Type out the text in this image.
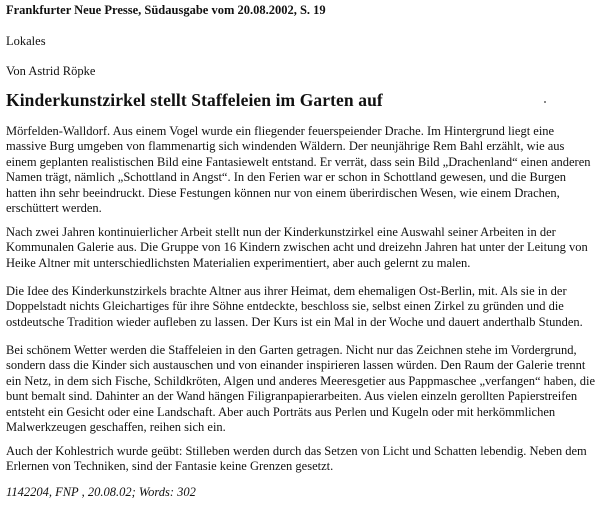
Frankfurter Neue Presse, Südausgabe vom 20.08.2002, S. 19
Lokales
Von Astrid Röpke
Kinderkunstzirkel stellt Staffeleien im Garten auf

Mörfelden-Walldorf. Aus einem Vogel wurde ein fliegender feuerspeiender Drache. Im Hintergrund liegt eine massive Burg umgeben von flammenartig sich windenden Wäldern. Der neunjährige Rem Bahl erzählt, wie aus einem geplanten realistischen Bild eine Fantasiewelt entstand. Er verrät, dass sein Bild „Drachenland“ einen anderen Namen trägt, nämlich „Schottland in Angst“. In den Ferien war er schon in Schottland gewesen, und die Burgen hatten ihn sehr beeindruckt. Diese Festungen können nur von einem überirdischen Wesen, wie einem Drachen, erschüttert werden.

Nach zwei Jahren kontinuierlicher Arbeit stellt nun der Kinderkunstzirkel eine Auswahl seiner Arbeiten in der Kommunalen Galerie aus. Die Gruppe von 16 Kindern zwischen acht und dreizehn Jahren hat unter der Leitung von Heike Altner mit unterschiedlichsten Materialien experimentiert, aber auch gelernt zu malen.

Die Idee des Kinderkunstzirkels brachte Altner aus ihrer Heimat, dem ehemaligen Ost-Berlin, mit. Als sie in der Doppelstadt nichts Gleichartiges für ihre Söhne entdeckte, beschloss sie, selbst einen Zirkel zu gründen und die ostdeutsche Tradition wieder aufleben zu lassen. Der Kurs ist ein Mal in der Woche und dauert anderthalb Stunden.

Bei schönem Wetter werden die Staffeleien in den Garten getragen. Nicht nur das Zeichnen stehe im Vordergrund, sondern dass die Kinder sich austauschen und von einander inspirieren lassen würden. Den Raum der Galerie trennt ein Netz, in dem sich Fische, Schildkröten, Algen und anderes Meeresgetier aus Pappmaschee „verfangen“ haben, die bunt bemalt sind. Dahinter an der Wand hängen Filigranpapierarbeiten. Aus vielen einzeln gerollten Papierstreifen entsteht ein Gesicht oder eine Landschaft. Aber auch Porträts aus Perlen und Kugeln oder mit herkömmlichen Malwerkzeugen geschaffen, reihen sich ein.

Auch der Kohlestrich wurde geübt: Stilleben werden durch das Setzen von Licht und Schatten lebendig. Neben dem Erlernen von Techniken, sind der Fantasie keine Grenzen gesetzt.

1142204, FNP , 20.08.02; Words: 302
